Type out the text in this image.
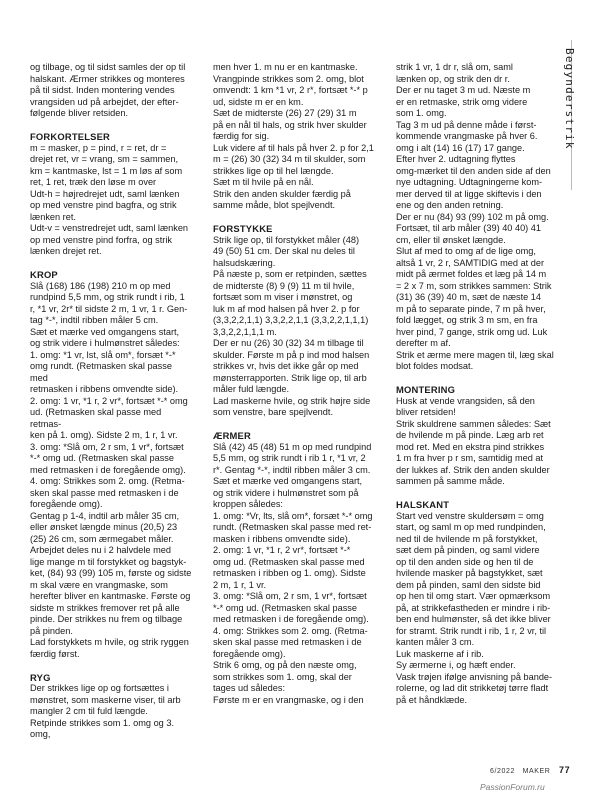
Begynderstrik
og tilbage, og til sidst samles der op til
halskant. Ærmer strikkes og monteres
på til sidst. Inden montering vendes
vrangsiden ud på arbejdet, der efter-
følgende bliver retsiden.
FORKORTELSER
m = masker, p = pind, r = ret, dr =
drejet ret, vr = vrang, sm = sammen,
km = kantmaske, lst = 1 m løs af som
ret, 1 ret, træk den løse m over
Udt-h = højredrejet udt, saml lænken
op med venstre pind bagfra, og strik
lænken ret.
Udt-v = venstredrejet udt, saml lænken
op med venstre pind forfra, og strik
lænken drejet ret.
KROP
Slå (168) 186 (198) 210 m op med
rundpind 5,5 mm, og strik rundt i rib, 1
r, *1 vr, 2r* til sidste 2 m, 1 vr, 1 r. Gen-
tag *-*, indtil ribben måler 5 cm.
Sæt et mærke ved omgangens start,
og strik videre i hulmønstret således:
1. omg: *1 vr, lst, slå om*, forsæt *-*
omg rundt. (Retmasken skal passe med
retmasken i ribbens omvendte side).
2. omg: 1 vr, *1 r, 2 vr*, fortsæt *-* omg
ud. (Retmasken skal passe med retmas-
ken på 1. omg). Sidste 2 m, 1 r, 1 vr.
3. omg: *Slå om, 2 r sm, 1 vr*, fortsæt
*-* omg ud. (Retmasken skal passe
med retmasken i de foregående omg).
4. omg: Strikkes som 2. omg. (Retma-
sken skal passe med retmasken i de
foregående omg).
Gentag p 1-4, indtil arb måler 35 cm,
eller ønsket længde minus (20,5) 23
(25) 26 cm, som ærmegabet måler.
Arbejdet deles nu i 2 halvdele med
lige mange m til forstykket og bagstyk-
ket, (84) 93 (99) 105 m, første og sidste
m skal være en vrangmaske, som
herefter bliver en kantmaske. Første og
sidste m strikkes fremover ret på alle
pinde. Der strikkes nu frem og tilbage
på pinden.
Lad forstykkets m hvile, og strik ryggen
færdig først.
RYG
Der strikkes lige op og fortsættes i
mønstret, som maskerne viser, til arb
mangler 2 cm til fuld længde.
Retpinde strikkes som 1. omg og 3. omg,
men hver 1. m nu er en kantmaske.
Vrangpinde strikkes som 2. omg, blot
omvendt: 1 km *1 vr, 2 r*, fortsæt *-* p
ud, sidste m er en km.
Sæt de midterste (26) 27 (29) 31 m
på en nål til hals, og strik hver skulder
færdig for sig.
Luk videre af til hals på hver 2. p for 2,1
m = (26) 30 (32) 34 m til skulder, som
strikkes lige op til hel længde.
Sæt m til hvile på en nål.
Strik den anden skulder færdig på
samme måde, blot spejlvendt.
FORSTYKKE
Strik lige op, til forstykket måler (48)
49 (50) 51 cm. Der skal nu deles til
halsudskæring.
På næste p, som er retpinden, sættes
de midterste (8) 9 (9) 11 m til hvile,
fortsæt som m viser i mønstret, og
luk m af mod halsen på hver 2. p for
(3,3,2,2,1,1) 3,3,2,2,1,1 (3,3,2,2,1,1,1)
3,3,2,2,1,1,1 m.
Der er nu (26) 30 (32) 34 m tilbage til
skulder. Første m på p ind mod halsen
strikkes vr, hvis det ikke går op med
mønsterrapporten. Strik lige op, til arb
måler fuld længde.
Lad maskerne hvile, og strik højre side
som venstre, bare spejlvendt.
ÆRMER
Slå (42) 45 (48) 51 m op med rundpind
5,5 mm, og strik rundt i rib 1 r, *1 vr, 2
r*. Gentag *-*, indtil ribben måler 3 cm.
Sæt et mærke ved omgangens start,
og strik videre i hulmønstret som på
kroppen således:
1. omg: *Vr, lts, slå om*, forsæt *-* omg
rundt. (Retmasken skal passe med ret-
masken i ribbens omvendte side).
2. omg: 1 vr, *1 r, 2 vr*, fortsæt *-*
omg ud. (Retmasken skal passe med
retmasken i ribben og 1. omg). Sidste
2 m, 1 r, 1 vr.
3. omg: *Slå om, 2 r sm, 1 vr*, fortsæt
*-* omg ud. (Retmasken skal passe
med retmasken i de foregående omg).
4. omg: Strikkes som 2. omg. (Retma-
sken skal passe med retmasken i de
foregående omg).
Strik 6 omg, og på den næste omg,
som strikkes som 1. omg, skal der
tages ud således:
Første m er en vrangmaske, og i den
strik 1 vr, 1 dr r, slå om, saml
lænken op, og strik den dr r.
Der er nu taget 3 m ud. Næste m
er en retmaske, strik omg videre
som 1. omg.
Tag 3 m ud på denne måde i først-
kommende vrangmaske på hver 6.
omg i alt (14) 16 (17) 17 gange.
Efter hver 2. udtagning flyttes
omg-mærket til den anden side af den
nye udtagning. Udtagningerne kom-
mer derved til at ligge skiftevis i den
ene og den anden retning.
Der er nu (84) 93 (99) 102 m på omg.
Fortsæt, til arb måler (39) 40 40) 41
cm, eller til ønsket længde.
Slut af med to omg af de lige omg,
altså 1 vr, 2 r, SAMTIDIG med at der
midt på ærmet foldes et læg på 14 m
= 2 x 7 m, som strikkes sammen: Strik
(31) 36 (39) 40 m, sæt de næste 14
m på to separate pinde, 7 m på hver,
fold lægget, og strik 3 m sm, en fra
hver pind, 7 gange, strik omg ud. Luk
derefter m af.
Strik et ærme mere magen til, læg skal
blot foldes modsat.
MONTERING
Husk at vende vrangsiden, så den
bliver retsiden!
Strik skuldrene sammen således: Sæt
de hvilende m på pinde. Læg arb ret
mod ret. Med en ekstra pind strikkes
1 m fra hver p r sm, samtidig med at
der lukkes af. Strik den anden skulder
sammen på samme måde.
HALSKANT
Start ved venstre skuldersøm = omg
start, og saml m op med rundpinden,
ned til de hvilende m på forstykket,
sæt dem på pinden, og saml videre
op til den anden side og hen til de
hvilende masker på bagstykket, sæt
dem på pinden, saml den sidste bid
op hen til omg start. Vær opmærksom
på, at strikkefastheden er mindre i rib-
ben end hulmønster, så det ikke bliver
for stramt. Strik rundt i rib, 1 r, 2 vr, til
kanten måler 3 cm.
Luk maskerne af i rib.
Sy ærmerne i, og hæft ender.
Vask trøjen ifølge anvisning på bande-
rolerne, og lad dit strikketøj tørre fladt
på et håndklæde.
6/2022 MAKER 77
PassionForum.ru
